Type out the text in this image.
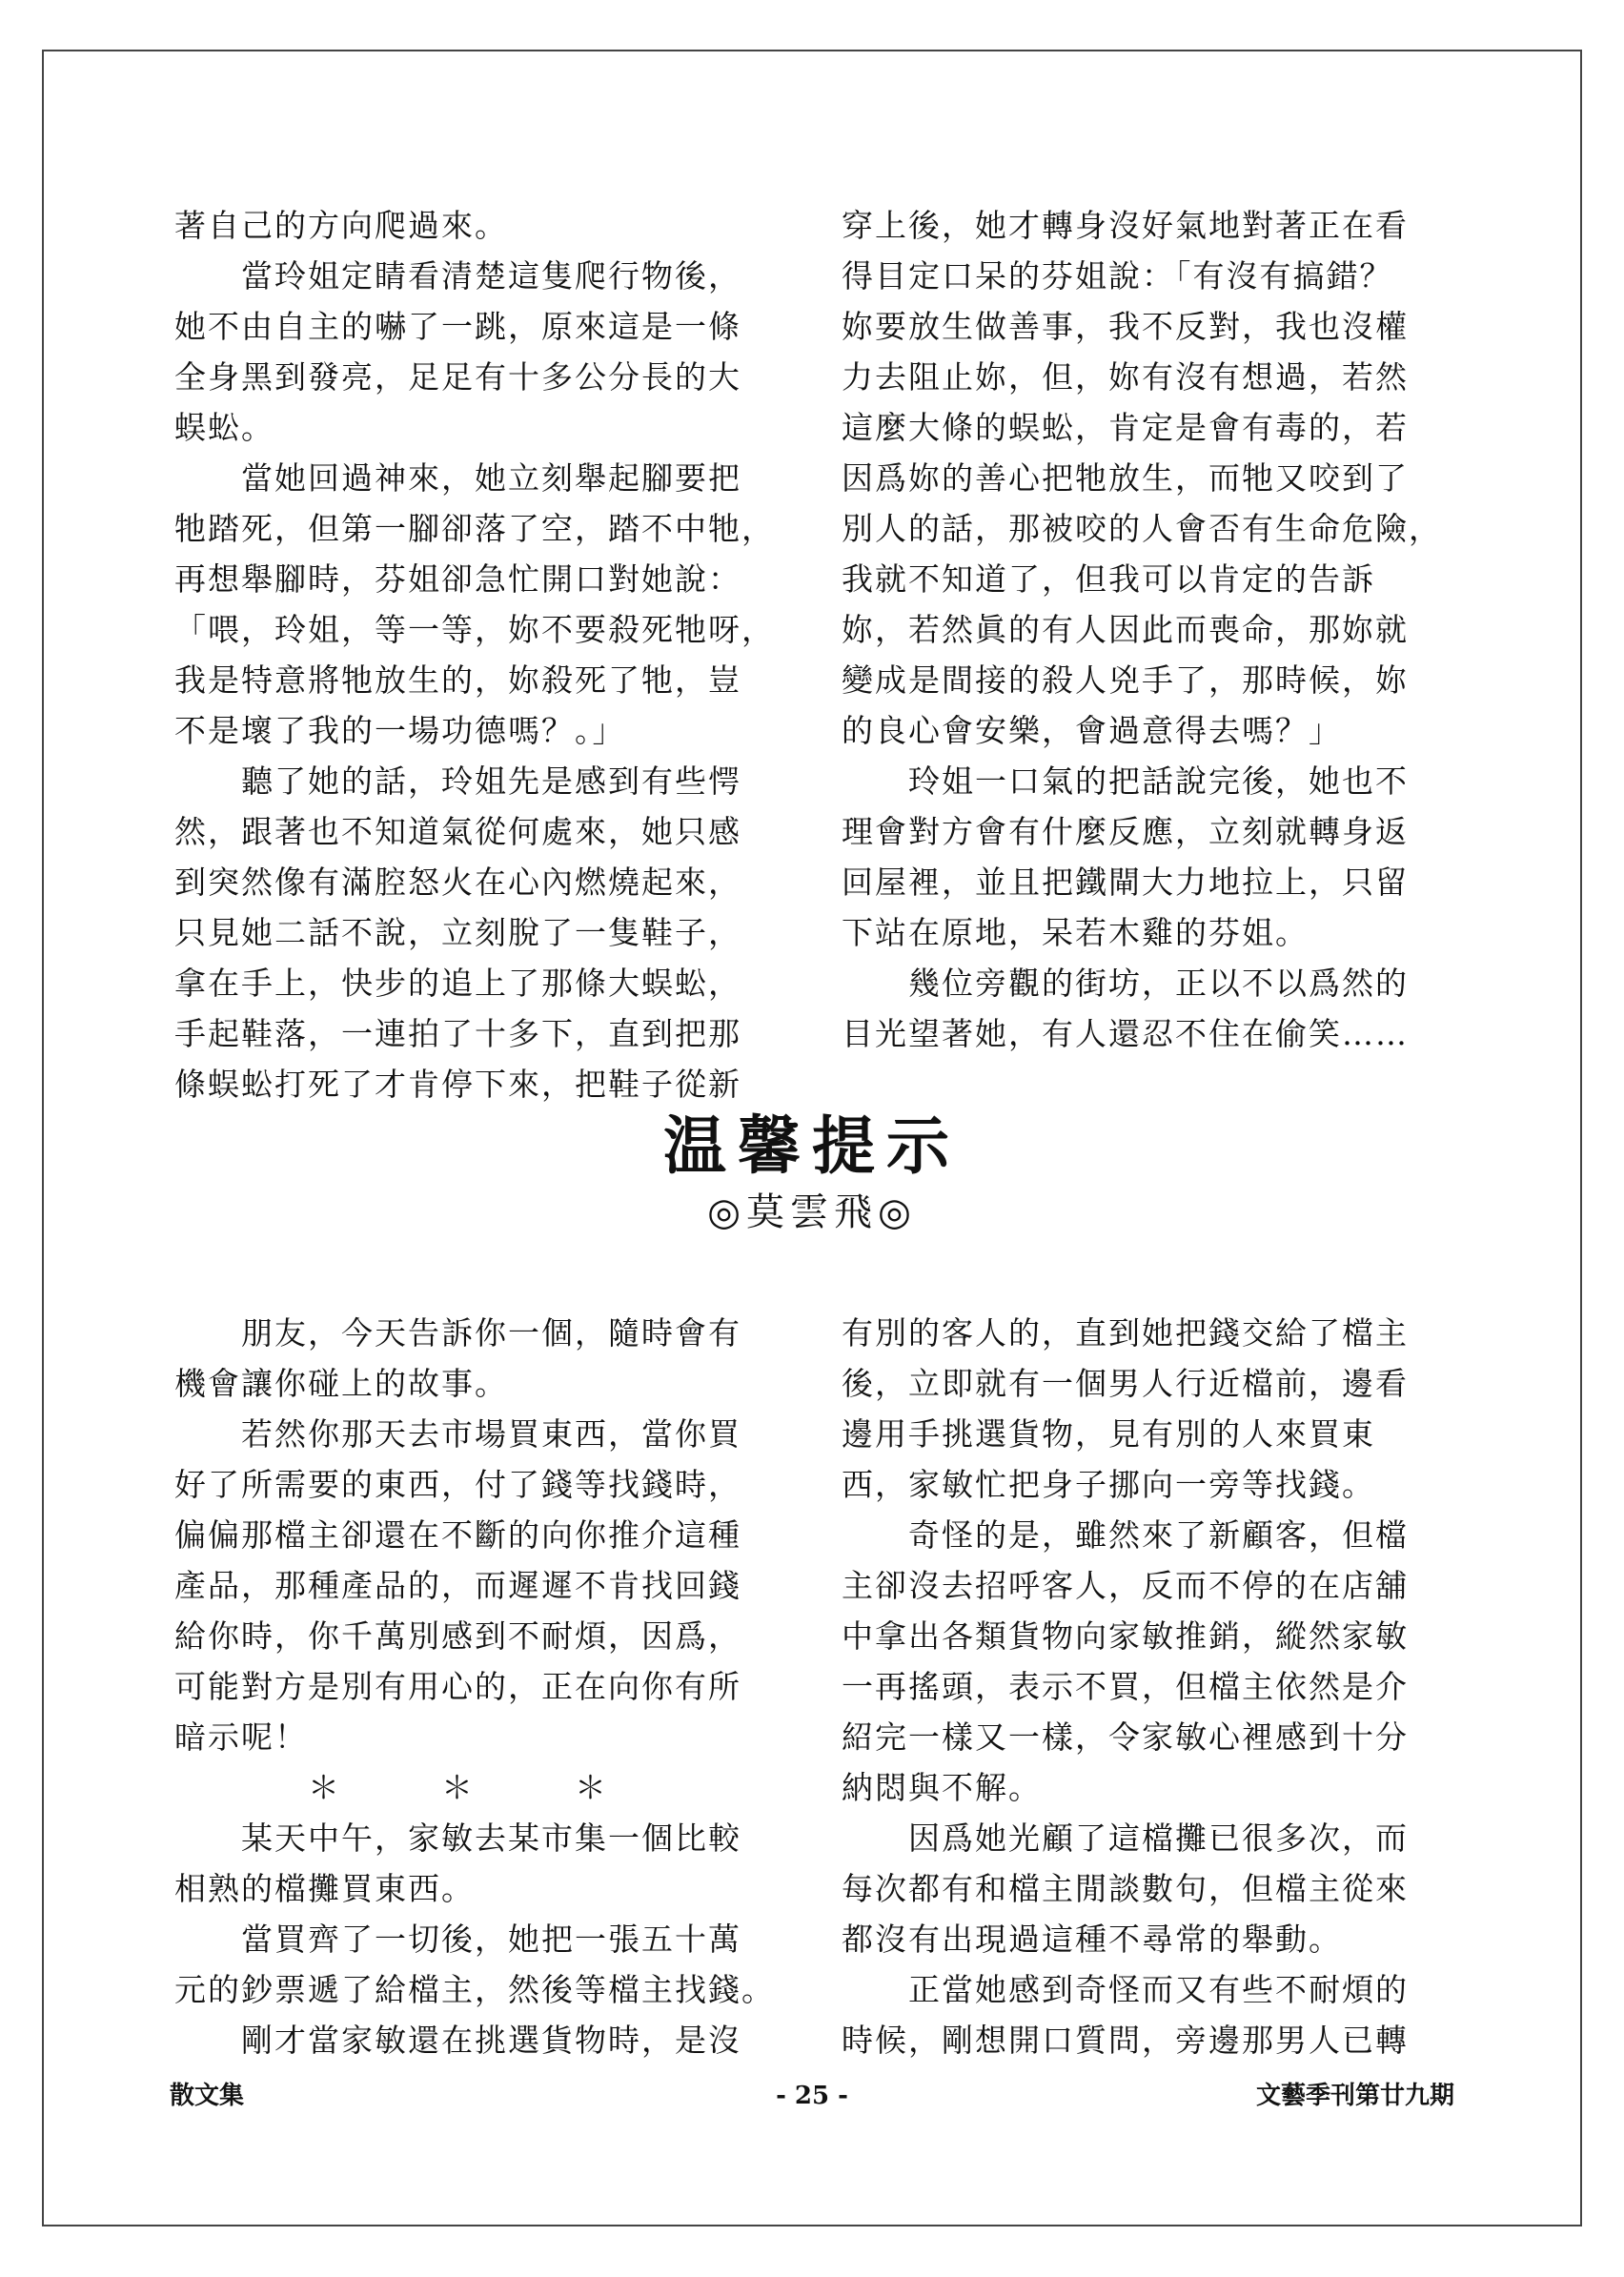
著自己的方向爬過來。

　　當玲姐定睛看清楚這隻爬行物後，

她不由自主的嚇了一跳，原來這是一條

全身黑到發亮，足足有十多公分長的大

蜈蚣。

　　當她回過神來，她立刻舉起腳要把

牠踏死，但第一腳卻落了空，踏不中牠，

再想舉腳時，芬姐卻急忙開口對她說：

「喂，玲姐，等一等，妳不要殺死牠呀，

我是特意將牠放生的，妳殺死了牠，豈

不是壞了我的一場功德嗎？。」

　　聽了她的話，玲姐先是感到有些愕

然，跟著也不知道氣從何處來，她只感

到突然像有滿腔怒火在心內燃燒起來，

只見她二話不說，立刻脫了一隻鞋子，

拿在手上，快步的追上了那條大蜈蚣，

手起鞋落，一連拍了十多下，直到把那

條蜈蚣打死了才肯停下來，把鞋子從新

穿上後，她才轉身沒好氣地對著正在看

得目定口呆的芬姐說：「有沒有搞錯？

妳要放生做善事，我不反對，我也沒權

力去阻止妳，但，妳有沒有想過，若然

這麼大條的蜈蚣，肯定是會有毒的，若

因爲妳的善心把牠放生，而牠又咬到了

別人的話，那被咬的人會否有生命危險，

我就不知道了，但我可以肯定的告訴

妳，若然眞的有人因此而喪命，那妳就

變成是間接的殺人兇手了，那時候，妳

的良心會安樂，會過意得去嗎？」

　　玲姐一口氣的把話說完後，她也不

理會對方會有什麼反應，立刻就轉身返

回屋裡，並且把鐵閘大力地拉上，只留

下站在原地，呆若木雞的芬姐。

　　幾位旁觀的街坊，正以不以爲然的

目光望著她，有人還忍不住在偷笑……

温馨提示
◎莫雲飛◎

　　朋友，今天告訴你一個，隨時會有

機會讓你碰上的故事。

　　若然你那天去市場買東西，當你買

好了所需要的東西，付了錢等找錢時，

偏偏那檔主卻還在不斷的向你推介這種

產品，那種產品的，而遲遲不肯找回錢

給你時，你千萬別感到不耐煩，因爲，

可能對方是別有用心的，正在向你有所

暗示呢！

　　　　＊　　　＊　　　＊

　　某天中午，家敏去某市集一個比較

相熟的檔攤買東西。

　　當買齊了一切後，她把一張五十萬

元的鈔票遞了給檔主，然後等檔主找錢。

　　剛才當家敏還在挑選貨物時，是沒

有別的客人的，直到她把錢交給了檔主

後，立即就有一個男人行近檔前，邊看

邊用手挑選貨物，見有別的人來買東

西，家敏忙把身子挪向一旁等找錢。

　　奇怪的是，雖然來了新顧客，但檔

主卻沒去招呼客人，反而不停的在店舖

中拿出各類貨物向家敏推銷，縱然家敏

一再搖頭，表示不買，但檔主依然是介

紹完一樣又一樣，令家敏心裡感到十分

納悶與不解。

　　因爲她光顧了這檔攤已很多次，而

每次都有和檔主閒談數句，但檔主從來

都沒有出現過這種不尋常的舉動。

　　正當她感到奇怪而又有些不耐煩的

時候，剛想開口質問，旁邊那男人已轉

散文集	- 25 -	文藝季刊第廿九期
